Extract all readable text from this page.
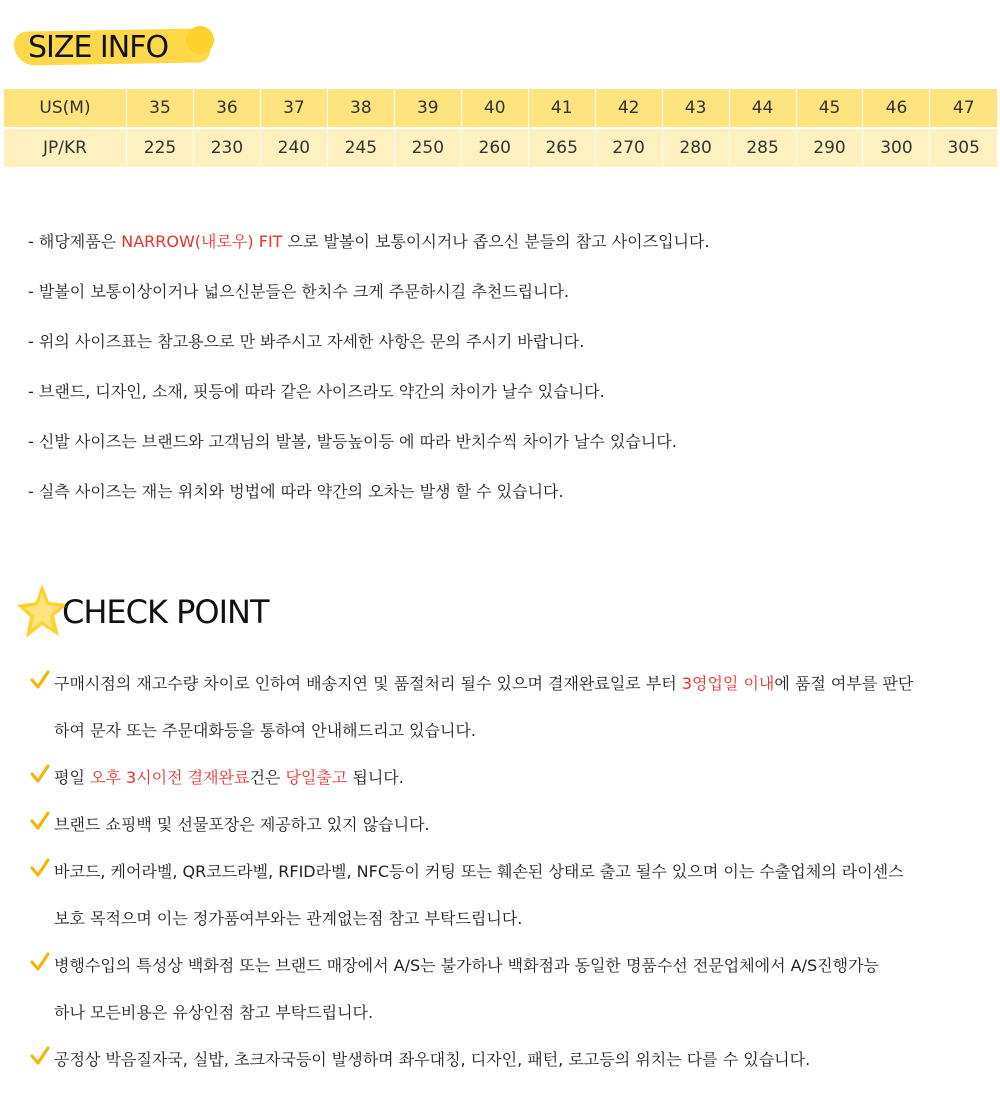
SIZE INFO
US(M)	35	36	37	38	39	40	41	42	43	44	45	46	47
JP/KR	225	230	240	245	250	260	265	270	280	285	290	300	305
- 해당제품은 NARROW(내로우) FIT 으로 발볼이 보통이시거나 좁으신 분들의 참고 사이즈입니다.
- 발볼이 보통이상이거나 넓으신분들은 한치수 크게 주문하시길 추천드립니다.
- 위의 사이즈표는 참고용으로 만 봐주시고 자세한 사항은 문의 주시기 바랍니다.
- 브랜드, 디자인, 소재, 핏등에 따라 같은 사이즈라도 약간의 차이가 날수 있습니다.
- 신발 사이즈는 브랜드와 고객님의 발볼, 발등높이등 에 따라 반치수씩 차이가 날수 있습니다.
- 실측 사이즈는 재는 위치와 벙법에 따라 약간의 오차는 발생 할 수 있습니다.
CHECK POINT
구매시점의 재고수량 차이로 인하여 배송지연 및 품절처리 될수 있으며 결재완료일로 부터 3영업일 이내에 품절 여부를 판단
하여 문자 또는 주문대화등을 통하여 안내해드리고 있습니다.
평일 오후 3시이전 결재완료건은 당일출고 됩니다.
브랜드 쇼핑백 및 선물포장은 제공하고 있지 않습니다.
바코드, 케어라벨, QR코드라벨, RFID라벨, NFC등이 커팅 또는 훼손된 상태로 출고 될수 있으며 이는 수출업체의 라이센스
보호 목적으며 이는 정가품여부와는 관계없는점 참고 부탁드립니다.
병행수입의 특성상 백화점 또는 브랜드 매장에서 A/S는 불가하나 백화점과 동일한 명품수선 전문업체에서 A/S진행가능
하나 모든비용은 유상인점 참고 부탁드립니다.
공정상 박음질자국, 실밥, 초크자국등이 발생하며 좌우대칭, 디자인, 패턴, 로고등의 위치는 다를 수 있습니다.
